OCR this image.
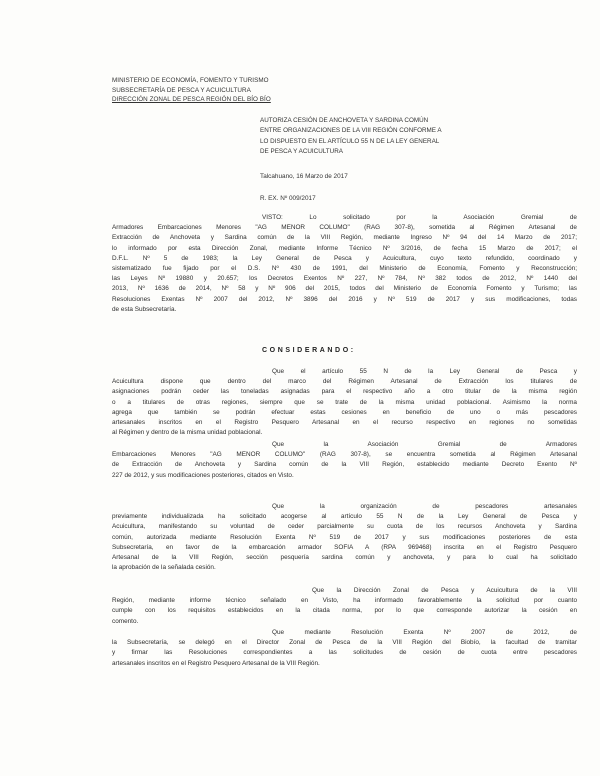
MINISTERIO DE ECONOMÍA, FOMENTO Y TURISMO
SUBSECRETARÍA DE PESCA Y ACUICULTURA
DIRECCIÓN ZONAL DE PESCA REGIÓN DEL BÍO BÍO
AUTORIZA CESIÓN DE ANCHOVETA Y SARDINA COMÚN
ENTRE ORGANIZACIONES DE LA VIII REGIÓN CONFORME A
LO DISPUESTO EN EL ARTÍCULO 55 N DE LA LEY GENERAL
DE PESCA Y ACUICULTURA
Talcahuano, 16 Marzo de 2017
R. EX. Nº 009/2017
VISTO: Lo solicitado por la Asociación Gremial de
Armadores Embarcaciones Menores "AG MENOR COLUMO" (RAG 307-8), sometida al Régimen Artesanal de
Extracción de Anchoveta y Sardina común de la VIII Región, mediante Ingreso Nº 94 del 14 Marzo de 2017;
lo informado por esta Dirección Zonal, mediante Informe Técnico Nº 3/2016, de fecha 15 Marzo de 2017; el
D.F.L. Nº 5 de 1983; la Ley General de Pesca y Acuicultura, cuyo texto refundido, coordinado y
sistematizado fue fijado por el D.S. Nº 430 de 1991, del Ministerio de Economía, Fomento y Reconstrucción;
las Leyes Nº 19880 y 20.657; los Decretos Exentos Nº 227, Nº 784, Nº 382 todos de 2012, Nº 1440 del
2013, Nº 1636 de 2014, Nº 58 y Nº 906 del 2015, todos del Ministerio de Economía Fomento y Turismo; las
Resoluciones Exentas Nº 2007 del 2012, Nº 3896 del 2016 y Nº 519 de 2017 y sus modificaciones, todas
de esta Subsecretaría.
CONSIDERANDO:
Que el artículo 55 N de la Ley General de Pesca y
Acuicultura dispone que dentro del marco del Régimen Artesanal de Extracción los titulares de
asignaciones podrán ceder las toneladas asignadas para el respectivo año a otro titular de la misma región
o a titulares de otras regiones, siempre que se trate de la misma unidad poblacional. Asimismo la norma
agrega que también se podrán efectuar estas cesiones en beneficio de uno o más pescadores
artesanales inscritos en el Registro Pesquero Artesanal en el recurso respectivo en regiones no sometidas
al Régimen y dentro de la misma unidad poblacional.
Que la Asociación Gremial de Armadores
Embarcaciones Menores "AG MENOR COLUMO" (RAG 307-8), se encuentra sometida al Régimen Artesanal
de Extracción de Anchoveta y Sardina común de la VIII Región, establecido mediante Decreto Exento Nº
227 de 2012, y sus modificaciones posteriores, citados en Visto.
Que la organización de pescadores artesanales
previamente individualizada ha solicitado acogerse al artículo 55 N de la Ley General de Pesca y
Acuicultura, manifestando su voluntad de ceder parcialmente su cuota de los recursos Anchoveta y Sardina
común, autorizada mediante Resolución Exenta Nº 519 de 2017 y sus modificaciones posteriores de esta
Subsecretaría, en favor de la embarcación armador SOFIA A (RPA 969468) inscrita en el Registro Pesquero
Artesanal de la VIII Región, sección pesquería sardina común y anchoveta, y para lo cual ha solicitado
la aprobación de la señalada cesión.
Que la Dirección Zonal de Pesca y Acuicultura de la VIII
Región, mediante informe técnico señalado en Visto, ha informado favorablemente la solicitud por cuanto
cumple con los requisitos establecidos en la citada norma, por lo que corresponde autorizar la cesión en
comento.
Que mediante Resolución Exenta Nº 2007 de 2012, de
la Subsecretaría, se delegó en el Director Zonal de Pesca de la VIII Región del Biobío, la facultad de tramitar
y firmar las Resoluciones correspondientes a las solicitudes de cesión de cuota entre pescadores
artesanales inscritos en el Registro Pesquero Artesanal de la VIII Región.
